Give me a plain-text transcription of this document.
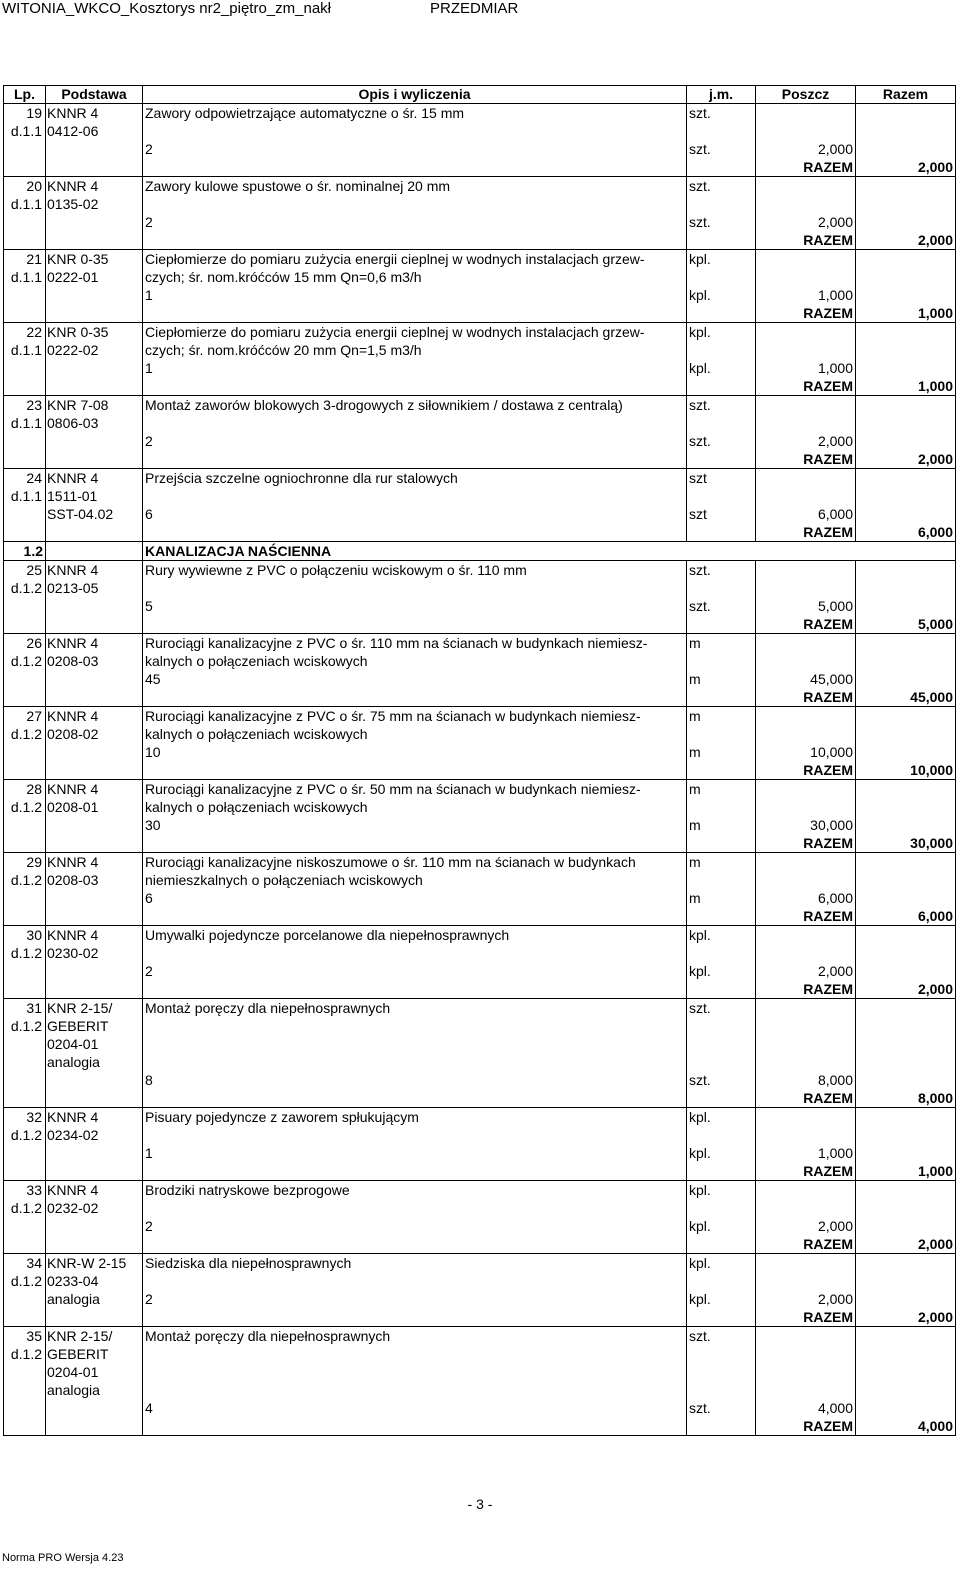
WITONIA_WKCO_Kosztorys nr2_piętro_zm_nakł	PRZEDMIAR
Lp.	Podstawa	Opis i wyliczenia	j.m.	Poszcz	Razem
19	KNNR 4	Zawory odpowietrzające automatyczne o śr. 15 mm	szt.		
d.1.1	0412-06				
		2	szt.	2,000	
				RAZEM	2,000
20	KNNR 4	Zawory kulowe spustowe o śr. nominalnej 20 mm	szt.		
d.1.1	0135-02				
		2	szt.	2,000	
				RAZEM	2,000
21	KNR 0-35	Ciepłomierze do pomiaru zużycia energii cieplnej w wodnych instalacjach grzew-	kpl.		
d.1.1	0222-01	czych; śr. nom.króćców 15 mm Qn=0,6 m3/h			
		1	kpl.	1,000	
				RAZEM	1,000
22	KNR 0-35	Ciepłomierze do pomiaru zużycia energii cieplnej w wodnych instalacjach grzew-	kpl.		
d.1.1	0222-02	czych; śr. nom.króćców 20 mm Qn=1,5 m3/h			
		1	kpl.	1,000	
				RAZEM	1,000
23	KNR 7-08	Montaż zaworów blokowych 3-drogowych z siłownikiem / dostawa z centralą)	szt.		
d.1.1	0806-03				
		2	szt.	2,000	
				RAZEM	2,000
24	KNNR 4	Przejścia szczelne ogniochronne dla rur stalowych	szt		
d.1.1	1511-01				
	SST-04.02	6	szt	6,000	
				RAZEM	6,000
1.2		KANALIZACJA NAŚCIENNA			
25	KNNR 4	Rury wywiewne z PVC o połączeniu wciskowym o śr. 110 mm	szt.		
d.1.2	0213-05				
		5	szt.	5,000	
				RAZEM	5,000
26	KNNR 4	Rurociągi kanalizacyjne z PVC o śr. 110 mm na ścianach w budynkach niemiesz-	m		
d.1.2	0208-03	kalnych o połączeniach wciskowych			
		45	m	45,000	
				RAZEM	45,000
27	KNNR 4	Rurociągi kanalizacyjne z PVC o śr. 75 mm na ścianach w budynkach niemiesz-	m		
d.1.2	0208-02	kalnych o połączeniach wciskowych			
		10	m	10,000	
				RAZEM	10,000
28	KNNR 4	Rurociągi kanalizacyjne z PVC o śr. 50 mm na ścianach w budynkach niemiesz-	m		
d.1.2	0208-01	kalnych o połączeniach wciskowych			
		30	m	30,000	
				RAZEM	30,000
29	KNNR 4	Rurociągi kanalizacyjne niskoszumowe o śr. 110 mm na ścianach w budynkach	m		
d.1.2	0208-03	niemieszkalnych o połączeniach wciskowych			
		6	m	6,000	
				RAZEM	6,000
30	KNNR 4	Umywalki pojedyncze porcelanowe dla niepełnosprawnych	kpl.		
d.1.2	0230-02				
		2	kpl.	2,000	
				RAZEM	2,000
31	KNR 2-15/	Montaż poręczy dla niepełnosprawnych	szt.		
d.1.2	GEBERIT				
	0204-01				
	analogia				
		8	szt.	8,000	
				RAZEM	8,000
32	KNNR 4	Pisuary pojedyncze z zaworem spłukującym	kpl.		
d.1.2	0234-02				
		1	kpl.	1,000	
				RAZEM	1,000
33	KNNR 4	Brodziki natryskowe bezprogowe	kpl.		
d.1.2	0232-02				
		2	kpl.	2,000	
				RAZEM	2,000
34	KNR-W 2-15	Siedziska dla niepełnosprawnych	kpl.		
d.1.2	0233-04				
	analogia	2	kpl.	2,000	
				RAZEM	2,000
35	KNR 2-15/	Montaż poręczy dla niepełnosprawnych	szt.		
d.1.2	GEBERIT				
	0204-01				
	analogia				
		4	szt.	4,000	
				RAZEM	4,000
- 3 -
Norma PRO Wersja 4.23
